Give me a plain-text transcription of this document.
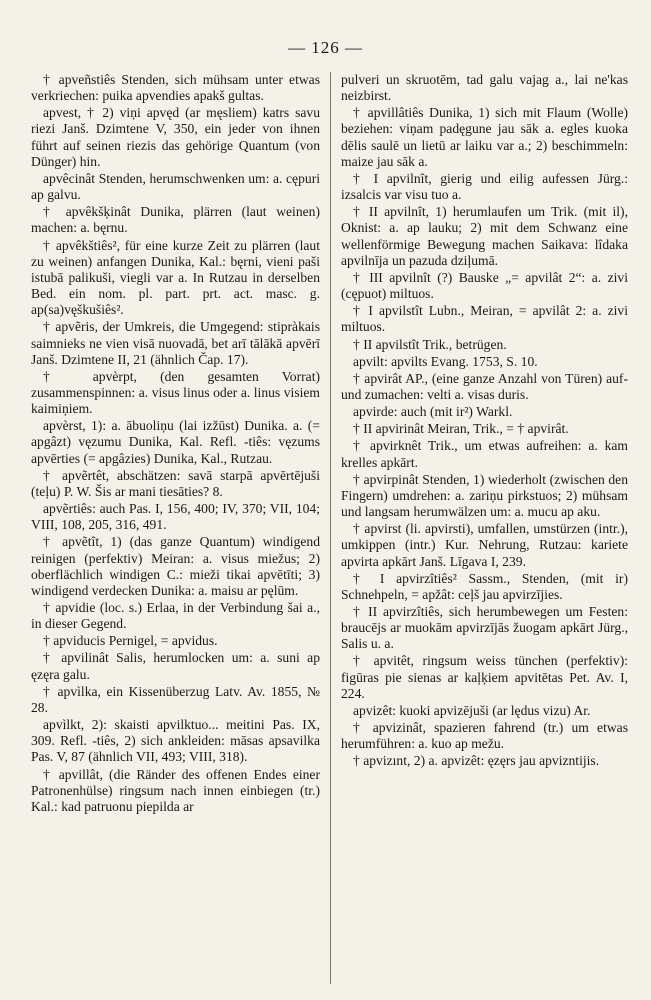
— 126 —

† apveñstiês Stenden, sich mühsam unter etwas verkriechen: puika apvendies apakš gultas.

apvest, † 2) viņi apvęd (ar męsliem) katrs savu riezi Janš. Dzimtene V, 350, ein jeder von ihnen führt auf seinen riezis das gehörige Quantum (von Dünger) hin.

apvêcinât Stenden, herumschwenken um: a. cępuri ap galvu.

† apvêkšķinât Dunika, plärren (laut weinen) machen: a. bęrnu.

† apvêkštiês², für eine kurze Zeit zu plärren (laut zu weinen) anfangen Dunika, Kal.: bęrni, vieni paši istubā palikuši, viegli var a. In Rutzau in derselben Bed. ein nom. pl. part. prt. act. masc. g. ap(sa)vęškušiês².

† apvẽris, der Umkreis, die Umgegend: stipràkais saimnieks ne vien visā nuovadā, bet arī tālākā apvērī Janš. Dzimtene II, 21 (ähnlich Čap. 17).

† apvèrpt, (den gesamten Vorrat) zusammenspinnen: a. visus linus oder a. linus visiem kaimiņiem.

apvèrst, 1): a. ābuoliņu (lai izžūst) Dunika. a. (= apgâzt) vęzumu Dunika, Kal. Refl. -tiês: vęzums apvērties (= apgâzies) Dunika, Kal., Rutzau.

† apvẽrtêt, abschätzen: savā starpā apvērtējuši (teļu) P. W. Šis ar mani tiesāties? 8.

apvẽrtiês: auch Pas. I, 156, 400; IV, 370; VII, 104; VIII, 108, 205, 316, 491.

† apvẽtît, 1) (das ganze Quantum) windigend reinigen (perfektiv) Meiran: a. visus miežus; 2) oberflächlich windigen C.: mieži tikai apvētīti; 3) windigend verdecken Dunika: a. maisu ar pęlūm.

† apvidie (loc. s.) Erlaa, in der Verbindung šai a., in dieser Gegend.

† apviducis Pernigel, = apvidus.

† apvilinât Salis, herumlocken um: a. suni ap ęzęra galu.

† apvìlka, ein Kissenüberzug Latv. Av. 1855, № 28.

apvìlkt, 2): skaisti apvilktuo... meitini Pas. IX, 309. Refl. -tiês, 2) sich ankleiden: māsas apsavilka Pas. V, 87 (ähnlich VII, 493; VIII, 318).

† apvillât, (die Ränder des offenen Endes einer Patronenhülse) ringsum nach innen einbiegen (tr.) Kal.: kad patruonu piepilda ar

pulveri un skruotēm, tad galu vajag a., lai ne'kas neizbirst.

† apvillâtiês Dunika, 1) sich mit Flaum (Wolle) beziehen: viņam padęgune jau sāk a. egles kuoka dēlis saulē un lietū ar laiku var a.; 2) beschimmeln: maize jau sāk a.

† I apvilnît, gierig und eilig aufessen Jürg.: izsalcis var visu tuo a.

† II apvilnît, 1) herumlaufen um Trik. (mit il), Oknist: a. ap lauku; 2) mit dem Schwanz eine wellenförmige Bewegung machen Saikava: lîdaka apvilnīja un pazuda dziļumā.

† III apvilnît (?) Bauske „= apvilât 2“: a. zivi (cępuot) miltuos.

† I apvilstît Lubn., Meiran, = apvilât 2: a. zivi miltuos.

† II apvilstît Trik., betrügen.

apvilt: apvilts Evang. 1753, S. 10.

† apvirât AP., (eine ganze Anzahl von Türen) auf- und zumachen: velti a. visas duris.

apvirde: auch (mit ir²) Warkl.

† II apvirinât Meiran, Trik., = † apvirât.

† apvirknêt Trik., um etwas aufreihen: a. kam krelles apkārt.

† apvirpinât Stenden, 1) wiederholt (zwischen den Fingern) umdrehen: a. zariņu pirkstuos; 2) mühsam und langsam herumwälzen um: a. mucu ap aku.

† apvirst (li. apvirsti), umfallen, umstürzen (intr.), umkippen (intr.) Kur. Nehrung, Rutzau: kariete apvirta apkārt Janš. Līgava I, 239.

† I apvirzîtiês² Sassm., Stenden, (mit ir) Schnehpeln, = apžât: ceļš jau apvirzījies.

† II apvirzîtiês, sich herumbewegen um Festen: braucējs ar muokām apvirzījās žuogam apkārt Jürg., Salis u. a.

† apvitêt, ringsum weiss tünchen (perfektiv): figūras pie sienas ar kaļķiem apvitētas Pet. Av. I, 224.

apvizêt: kuoki apvizējuši (ar lędus vizu) Ar.

† apvizinât, spazieren fahrend (tr.) um etwas herumführen: a. kuo ap mežu.

† apvizınt, 2) a. apvizêt: ęzęrs jau apvizntijis.
